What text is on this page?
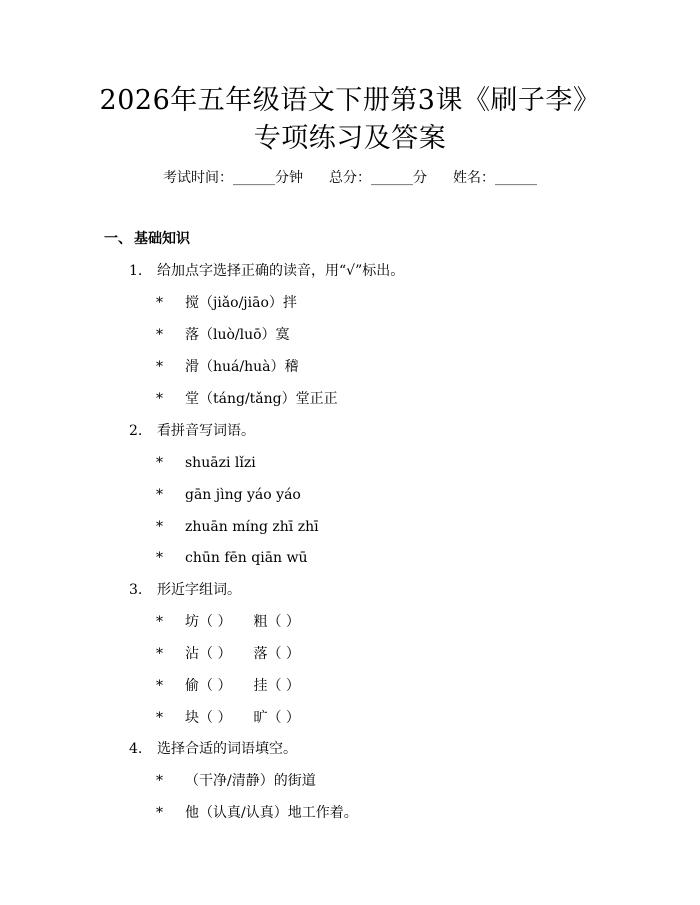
2026年五年级语文下册第3课《刷子李》专项练习及答案
考试时间：______分钟 总分：______分 姓名：______
一、 基础知识
1. 给加点字选择正确的读音，用“√”标出。
* 搅（jiǎo/jiāo）拌
* 落（luò/luō）寞
* 滑（huá/huà）稽
* 堂（táng/tǎng）堂正正
2. 看拼音写词语。
* shuāzi lǐzi
* gān jìng yáo yáo
* zhuān míng zhī zhī
* chūn fēn qiān wū
3. 形近字组词。
* 坊（ ） 粗（ ）
* 沾（ ） 落（ ）
* 偷（ ） 挂（ ）
* 块（ ） 旷（ ）
4. 选择合适的词语填空。
* （干净/清静）的街道
* 他（认真/认真）地工作着。
